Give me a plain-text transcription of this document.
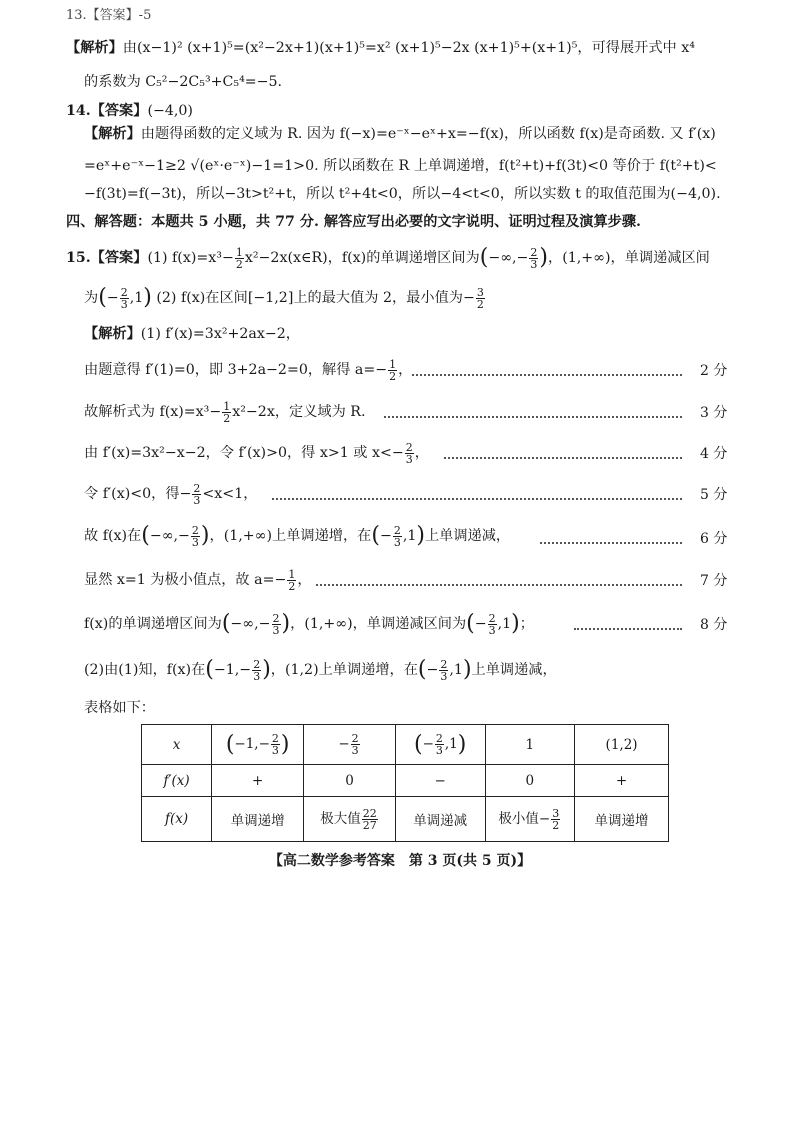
13.【答案】-5
【解析】由(x−1)² (x+1)⁵=(x²−2x+1)(x+1)⁵=x² (x+1)⁵−2x (x+1)⁵+(x+1)⁵，可得展开式中 x⁴
的系数为 C₅²−2C₅³+C₅⁴=−5.
14.【答案】(−4,0)
【解析】由题得函数的定义域为 R. 因为 f(−x)=e⁻ˣ−eˣ+x=−f(x)，所以函数 f(x)是奇函数. 又 f′(x)
=eˣ+e⁻ˣ−1≥2 √(eˣ·e⁻ˣ)−1=1>0. 所以函数在 R 上单调递增，f(t²+t)+f(3t)<0 等价于 f(t²+t)<
−f(3t)=f(−3t)，所以−3t>t²+t，所以 t²+4t<0，所以−4<t<0，所以实数 t 的取值范围为(−4,0).
四、解答题：本题共 5 小题，共 77 分. 解答应写出必要的文字说明、证明过程及演算步骤.
15.【答案】(1) $f(x)=x^3- \frac{1}{2}$ x²−2x(x∈R)，f(x)的单调递增区间为(−∞,− $\frac{2}{3}$ )，(1,+∞)，单调递减区间
为(− $\frac{2}{3} ,1$) (2) f(x)在区间[−1,2]上的最大值为 2，最小值为− $\frac{3}{2}$
【解析】(1) f′(x)=3x²+2ax−2，
由题意得 f′(1)=0，即 3+2a−2=0，解得 $a=- \frac{1}{2}$ ，	2 分
故解析式为 $f(x)=x^3- \frac{1}{2} x^2-2x$，定义域为 R.	3 分
由 f′(x)=3x²−x−2，令 f′(x)>0，得 x>1 或 $x<- \frac{2}{3}$ ，	4 分
令 f′(x)<0，得− $\frac{2}{3} <x<1$，	5 分
故 f(x)在(−∞,− $\frac{2}{3}$ )，(1,+∞)上单调递增，在(− $\frac{2}{3} ,1$)上单调递减，	6 分
显然 x=1 为极小值点，故 $a=- \frac{1}{2}$ ，	7 分
f(x)的单调递增区间为(−∞,− $\frac{2}{3}$ )，(1,+∞)，单调递减区间为(− $\frac{2}{3} ,1$)；	8 分
(2)由(1)知，f(x)在($-1,- \frac{2}{3}$ )，(1,2)上单调递增，在(− $\frac{2}{3} ,1$)上单调递减，
表格如下：
x	($-1,- \frac{2}{3}$ )	− $\frac{2}{3}$	(− $\frac{2}{3} ,1$)	1	(1,2)
f′(x)	+	0	−	0	+
f(x)	单调递增	极大值 $\frac{22}{27}$	单调递减	极小值− $\frac{3}{2}$	单调递增
【高二数学参考答案　第 3 页(共 5 页)】
